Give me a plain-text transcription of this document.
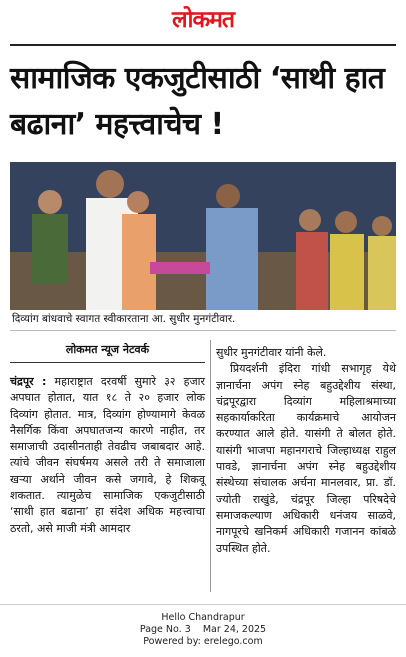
लोकमत
सामाजिक एकजुटीसाठी ‘साथी हात बढाना’ महत्त्वाचेच !
दिव्यांग बांधवाचे स्वागत स्वीकारताना आ. सुधीर मुनगंटीवार.
लोकमत न्यूज नेटवर्क
चंद्रपूर : महाराष्ट्रात दरवर्षी सुमारे ३२ हजार अपघात होतात, यात १८ ते २० हजार लोक दिव्यांग होतात. मात्र, दिव्यांग होण्यामागे केवळ नैसर्गिक किंवा अपघातजन्य कारणे नाहीत, तर समाजाची उदासीनताही तेवढीच जबाबदार आहे. त्यांचे जीवन संघर्षमय असले तरी ते समाजाला खऱ्या अर्थाने जीवन कसे जगावे, हे शिकवू शकतात. त्यामुळेच सामाजिक एकजुटीसाठी ‘साथी हात बढाना’ हा संदेश अधिक महत्त्वाचा ठरतो, असे माजी मंत्री आमदार
सुधीर मुनगंटीवार यांनी केले.
प्रियदर्शनी इंदिरा गांधी सभागृह येथे ज्ञानार्चना अपंग स्नेह बहुउद्देशीय संस्था, चंद्रपूरद्वारा दिव्यांग महिलाश्रमाच्या सहकार्याकरिता कार्यक्रमाचे आयोजन करण्यात आले होते. यासंगी ते बोलत होते. यासंगी भाजपा महानगराचे जिल्हाध्यक्ष राहुल पावडे, ज्ञानार्चना अपंग स्नेह बहुउद्देशीय संस्थेच्या संचालक अर्चना मानलवार, प्रा. डॉ. ज्योती राखुंडे, चंद्रपूर जिल्हा परिषदेचे समाजकल्याण अधिकारी धनंजय साळवे, नागपूरचे खनिकर्म अधिकारी गजानन कांबळे उपस्थित होते.
Hello Chandrapur
Page No. 3 Mar 24, 2025
Powered by: erelego.com
